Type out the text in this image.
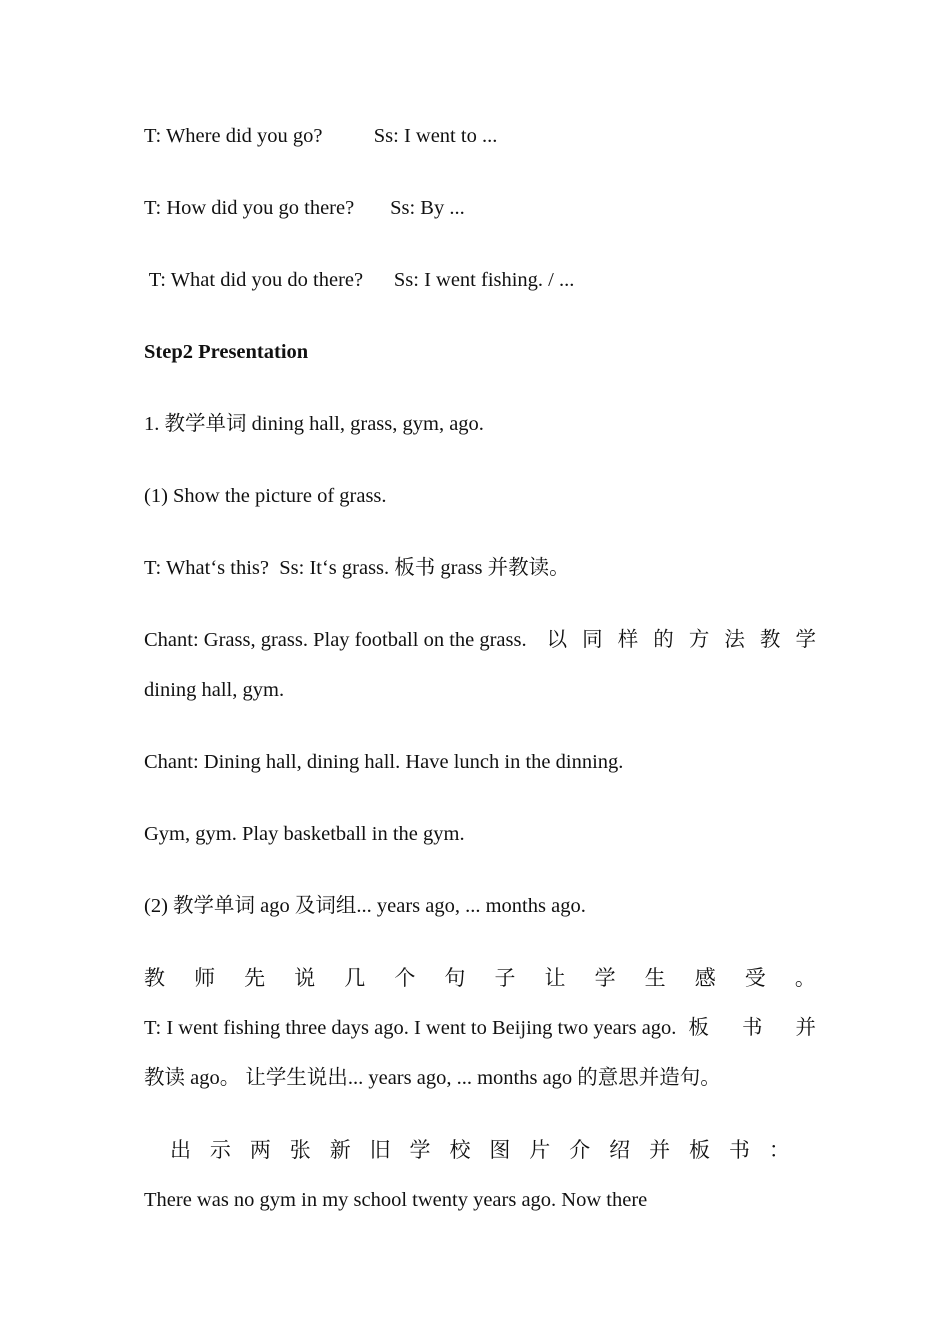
T: Where did you go?          Ss: I went to ...
T: How did you go there?       Ss: By ...
T: What did you do there?      Ss: I went fishing. / ...
Step2 Presentation
1. 教学单词 dining hall, grass, gym, ago.
(1) Show the picture of grass.
T: What‘s this?  Ss: It‘s grass. 板书 grass 并教读。
Chant: Grass, grass. Play football on the grass. 以 同 样 的 方 法 教 学
dining hall, gym.
Chant: Dining hall, dining hall. Have lunch in the dinning.
Gym, gym. Play basketball in the gym.
(2) 教学单词 ago 及词组... years ago, ... months ago.
教 师 先 说 几 个 句 子 让 学 生 感 受 。
T: I went fishing three days ago. I went to Beijing two years ago. 板 书 并
教读 ago。 让学生说出... years ago, ... months ago 的意思并造句。
出 示 两 张 新 旧 学 校 图 片 介 绍 并 板 书 ：
There was no gym in my school twenty years ago. Now there
